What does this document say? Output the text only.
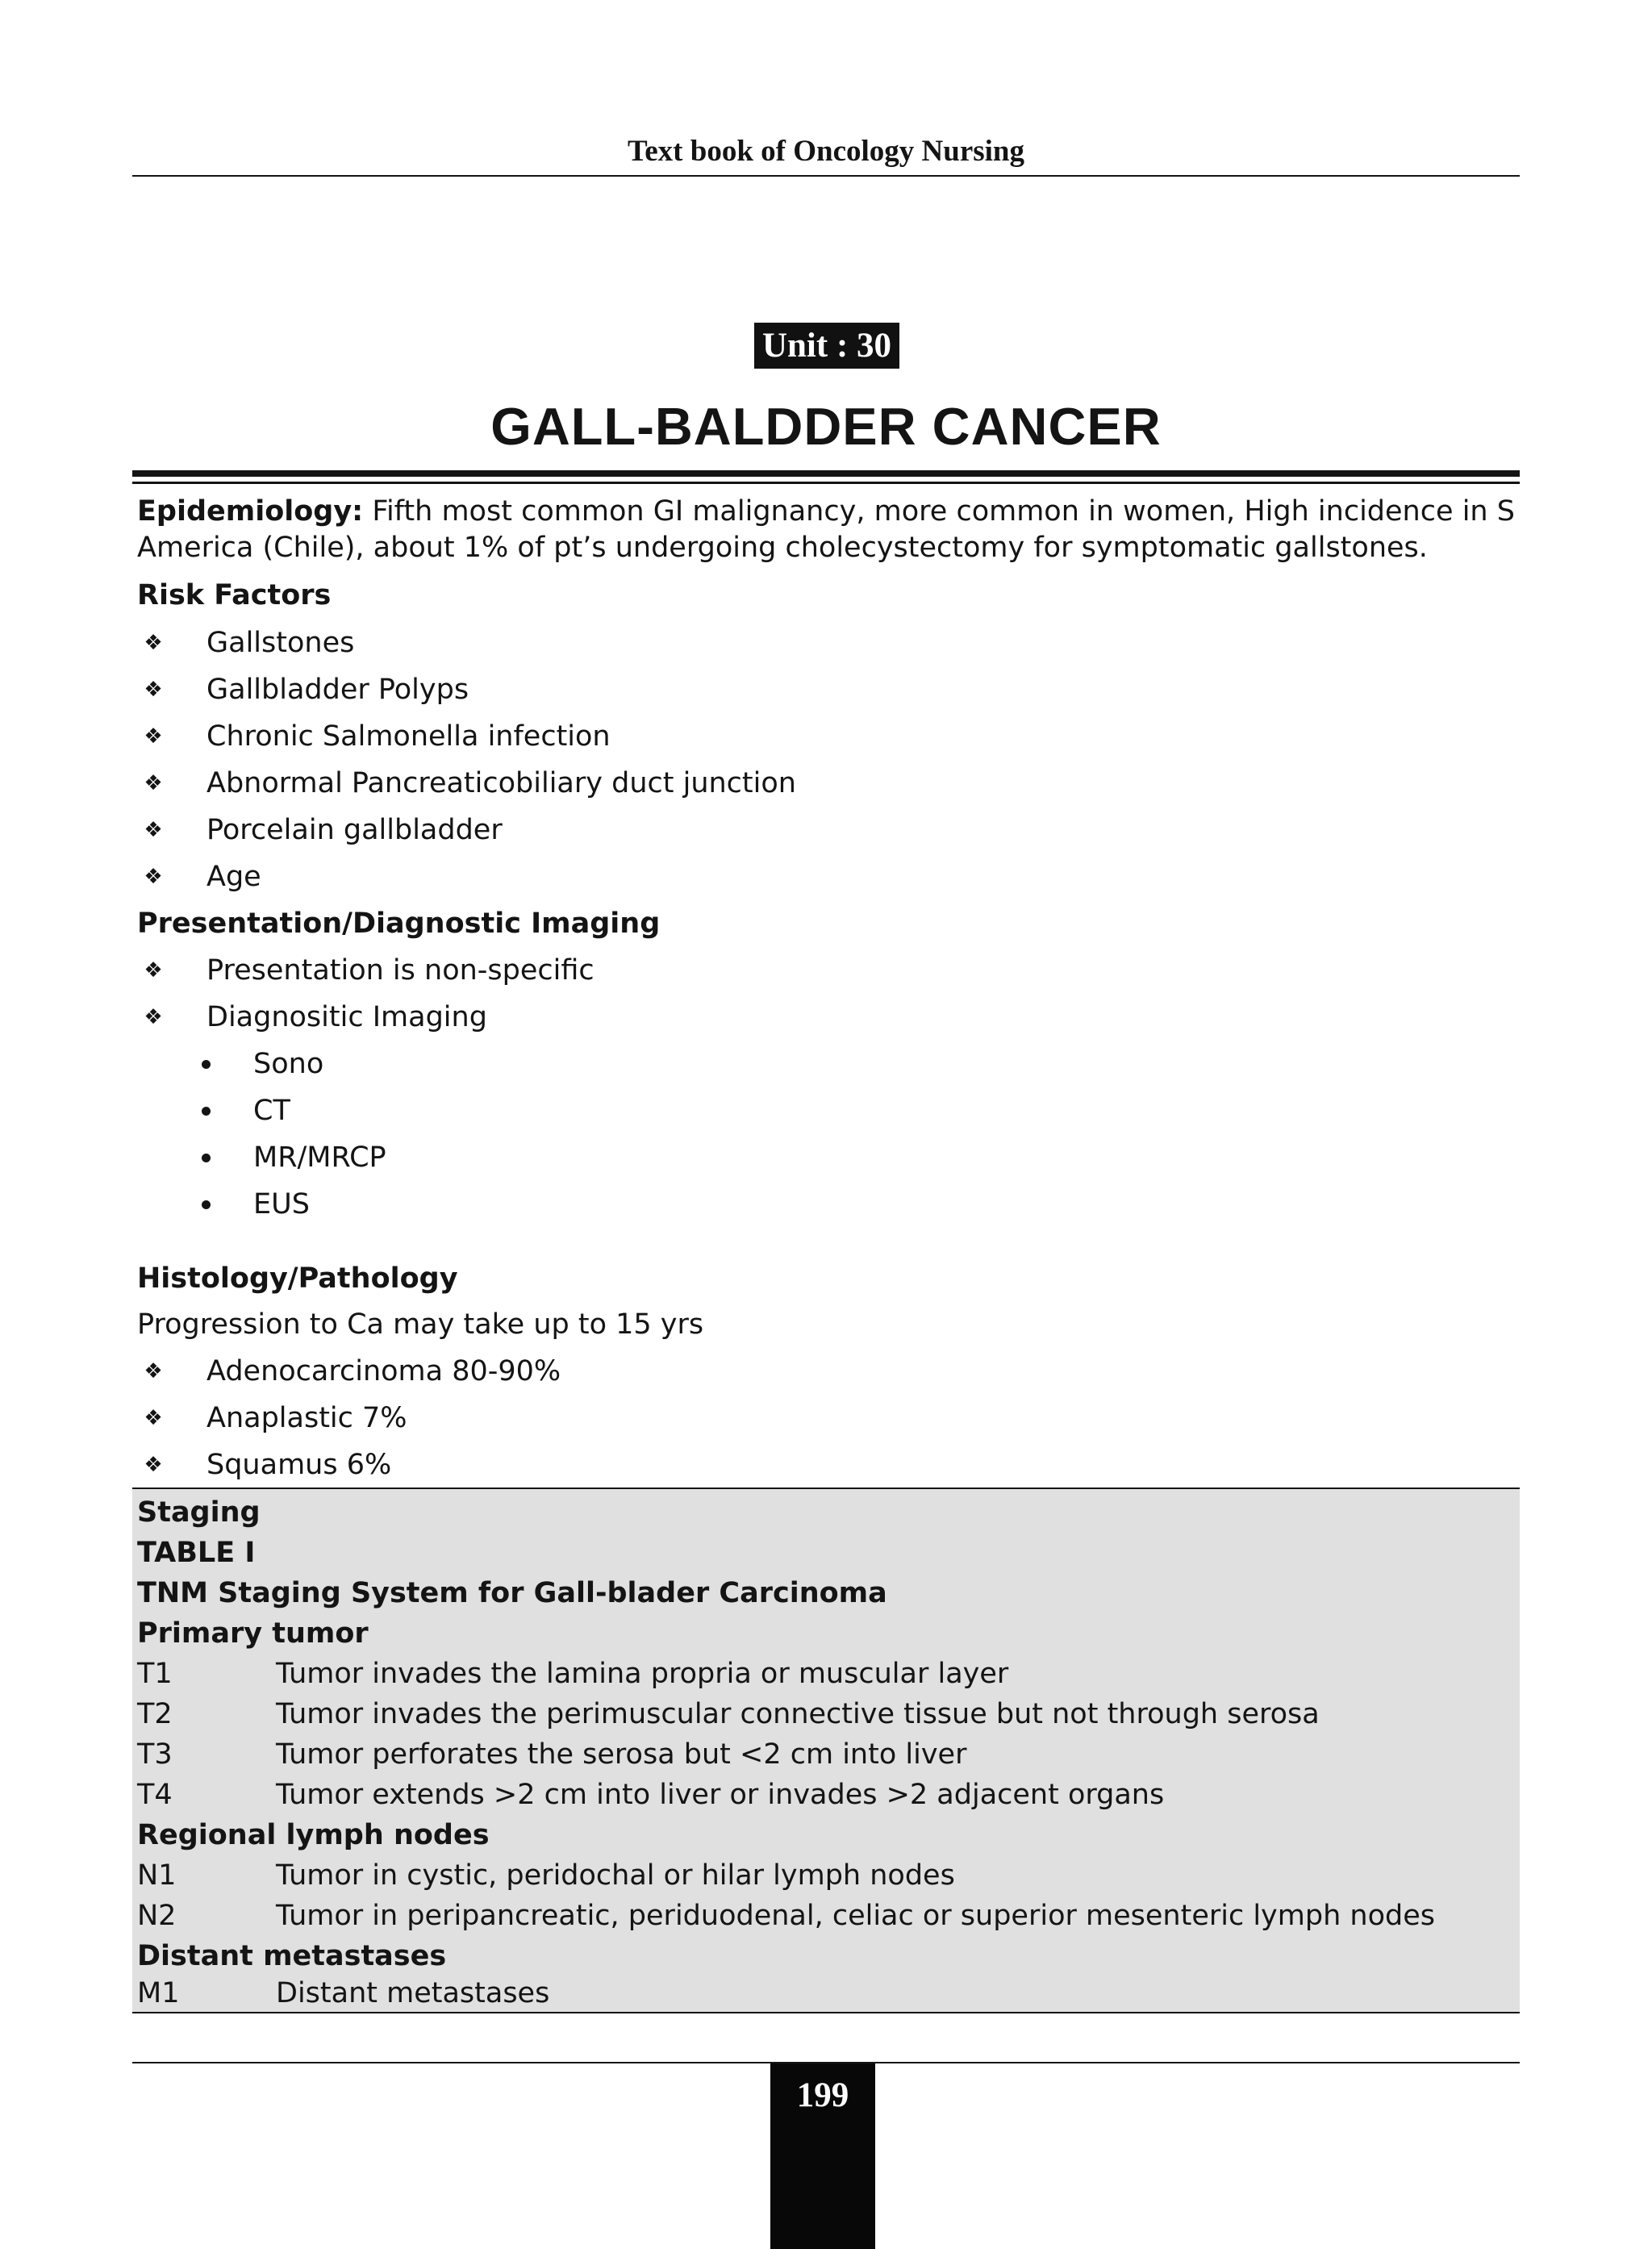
Text book of Oncology Nursing
Unit : 30
GALL-BALDDER CANCER
Epidemiology: Fifth most common GI malignancy, more common in women, High incidence in S America (Chile), about 1% of pt’s undergoing cholecystectomy for symptomatic gallstones.
Risk Factors
❖ Gallstones
❖ Gallbladder Polyps
❖ Chronic Salmonella infection
❖ Abnormal Pancreaticobiliary duct junction
❖ Porcelain gallbladder
❖ Age
Presentation/Diagnostic Imaging
❖ Presentation is non-specific
❖ Diagnositic Imaging
Sono
CT
MR/MRCP
EUS
Histology/Pathology
Progression to Ca may take up to 15 yrs
❖ Adenocarcinoma 80-90%
❖ Anaplastic 7%
❖ Squamus 6%
Staging
TABLE I
TNM Staging System for Gall-blader Carcinoma
Primary tumor
T1	Tumor invades the lamina propria or muscular layer
T2	Tumor invades the perimuscular connective tissue but not through serosa
T3	Tumor perforates the serosa but <2 cm into liver
T4	Tumor extends >2 cm into liver or invades >2 adjacent organs
Regional lymph nodes
N1	Tumor in cystic, peridochal or hilar lymph nodes
N2	Tumor in peripancreatic, periduodenal, celiac or superior mesenteric lymph nodes
Distant metastases
M1	Distant metastases
199
